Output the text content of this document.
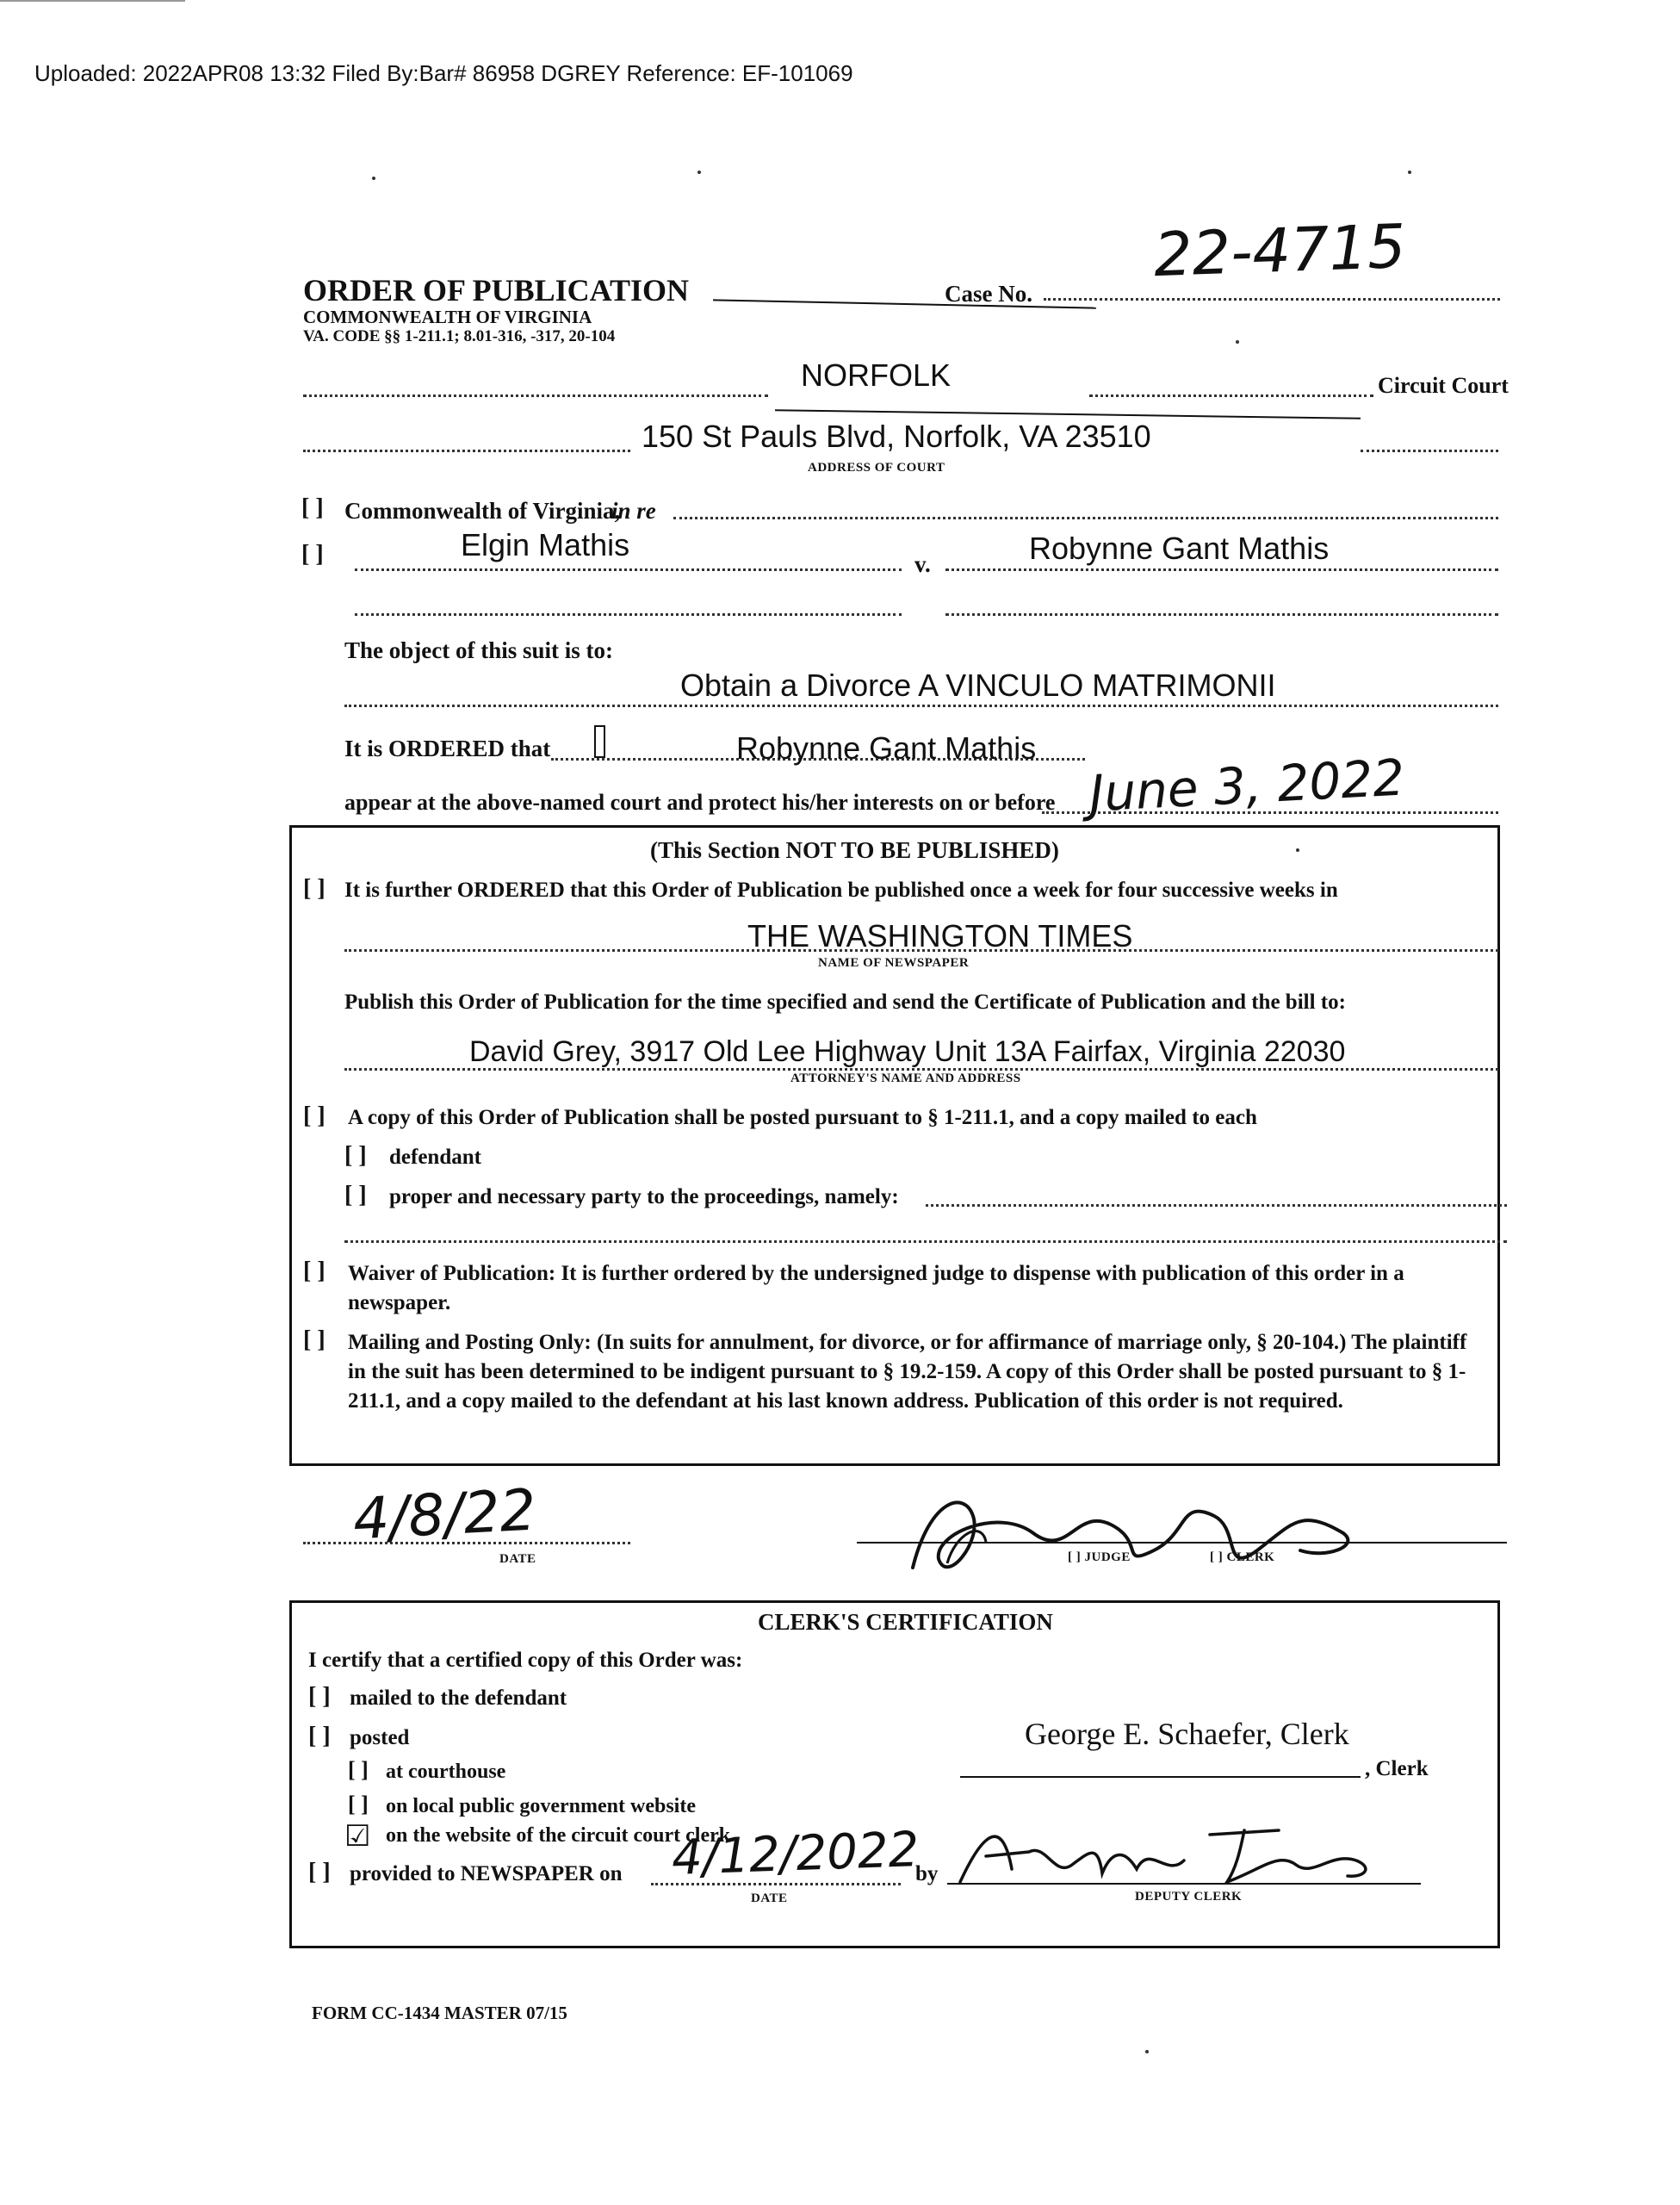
Uploaded: 2022APR08 13:32 Filed By:Bar# 86958 DGREY Reference: EF-101069
ORDER OF PUBLICATION
COMMONWEALTH OF VIRGINIA
VA. CODE §§ 1-211.1; 8.01-316, -317, 20-104
Case No.
22-4715
NORFOLK	Circuit Court
150 St Pauls Blvd, Norfolk, VA 23510
ADDRESS OF COURT
[ ] Commonwealth of Virginia,
in re
[ ]	Elgin Mathis
v.	Robynne Gant Mathis
The object of this suit is to:
Obtain a Divorce A VINCULO MATRIMONII
It is ORDERED that	Robynne Gant Mathis
appear at the above-named court and protect his/her interests on or before June 3, 2022
(This Section NOT TO BE PUBLISHED)
[ ] It is further ORDERED that this Order of Publication be published once a week for four successive weeks in
THE WASHINGTON TIMES
NAME OF NEWSPAPER
Publish this Order of Publication for the time specified and send the Certificate of Publication and the bill to:
David Grey, 3917 Old Lee Highway Unit 13A Fairfax, Virginia 22030
ATTORNEY'S NAME AND ADDRESS
[ ] A copy of this Order of Publication shall be posted pursuant to § 1-211.1, and a copy mailed to each
[ ] defendant
[ ] proper and necessary party to the proceedings, namely:
[ ] Waiver of Publication: It is further ordered by the undersigned judge to dispense with publication of this order in a newspaper.
[ ] Mailing and Posting Only: (In suits for annulment, for divorce, or for affirmance of marriage only, § 20-104.) The plaintiff in the suit has been determined to be indigent pursuant to § 19.2-159. A copy of this Order shall be posted pursuant to § 1-211.1, and a copy mailed to the defendant at his last known address. Publication of this order is not required.
4/8/22
DATE	[ ] JUDGE	[ ] CLERK
CLERK'S CERTIFICATION
I certify that a certified copy of this Order was:
[ ] mailed to the defendant
[ ] posted
[ ] at courthouse
[ ] on local public government website
☑ on the website of the circuit court clerk
[ ] provided to NEWSPAPER on 4/12/2022
DATE
by
DEPUTY CLERK
George E. Schaefer, Clerk
, Clerk
FORM CC-1434 MASTER 07/15
